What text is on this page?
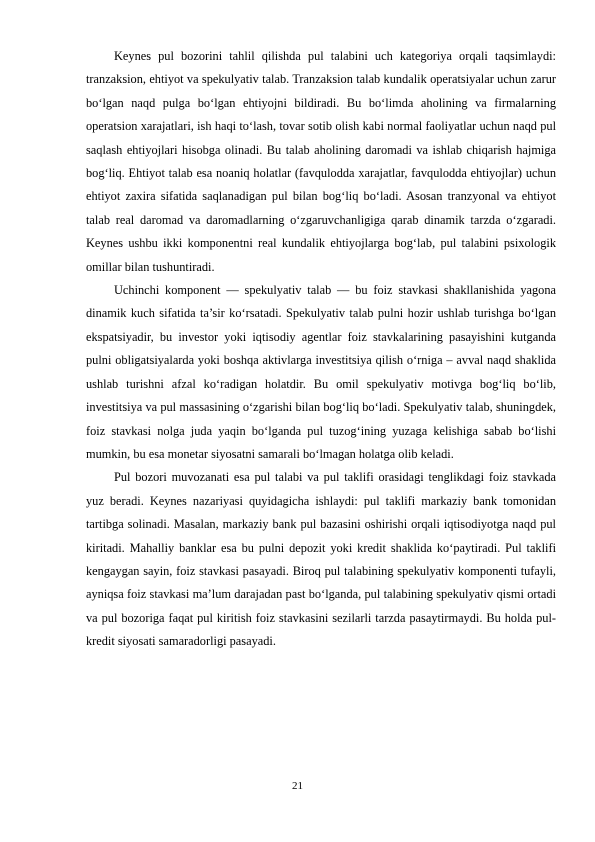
Keynes pul bozorini tahlil qilishda pul talabini uch kategoriya orqali taqsimlaydi: tranzaksion, ehtiyot va spekulyativ talab. Tranzaksion talab kundalik operatsiyalar uchun zarur bo‘lgan naqd pulga bo‘lgan ehtiyojni bildiradi. Bu bo‘limda aholining va firmalarning operatsion xarajatlari, ish haqi to‘lash, tovar sotib olish kabi normal faoliyatlar uchun naqd pul saqlash ehtiyojlari hisobga olinadi. Bu talab aholining daromadi va ishlab chiqarish hajmiga bog‘liq. Ehtiyot talab esa noaniq holatlar (favqulodda xarajatlar, favqulodda ehtiyojlar) uchun ehtiyot zaxira sifatida saqlanadigan pul bilan bog‘liq bo‘ladi. Asosan tranzyonal va ehtiyot talab real daromad va daromadlarning o‘zgaruvchanligiga qarab dinamik tarzda o‘zgaradi. Keynes ushbu ikki komponentni real kundalik ehtiyojlarga bog‘lab, pul talabini psixologik omillar bilan tushuntiradi.

Uchinchi komponent — spekulyativ talab — bu foiz stavkasi shakllanishida yagona dinamik kuch sifatida ta’sir ko‘rsatadi. Spekulyativ talab pulni hozir ushlab turishga bo‘lgan ekspatsiyadir, bu investor yoki iqtisodiy agentlar foiz stavkalarining pasayishini kutganda pulni obligatsiyalarda yoki boshqa aktivlarga investitsiya qilish o‘rniga – avval naqd shaklida ushlab turishni afzal ko‘radigan holatdir. Bu omil spekulyativ motivga bog‘liq bo‘lib, investitsiya va pul massasining o‘zgarishi bilan bog‘liq bo‘ladi. Spekulyativ talab, shuningdek, foiz stavkasi nolga juda yaqin bo‘lganda pul tuzog‘ining yuzaga kelishiga sabab bo‘lishi mumkin, bu esa monetar siyosatni samarali bo‘lmagan holatga olib keladi.

Pul bozori muvozanati esa pul talabi va pul taklifi orasidagi tenglikdagi foiz stavkada yuz beradi. Keynes nazariyasi quyidagicha ishlaydi: pul taklifi markaziy bank tomonidan tartibga solinadi. Masalan, markaziy bank pul bazasini oshirishi orqali iqtisodiyotga naqd pul kiritadi. Mahalliy banklar esa bu pulni depozit yoki kredit shaklida ko‘paytiradi. Pul taklifi kengaygan sayin, foiz stavkasi pasayadi. Biroq pul talabining spekulyativ komponenti tufayli, ayniqsa foiz stavkasi ma’lum darajadan past bo‘lganda, pul talabining spekulyativ qismi ortadi va pul bozoriga faqat pul kiritish foiz stavkasini sezilarli tarzda pasaytirmaydi. Bu holda pul-kredit siyosati samaradorligi pasayadi.

21
